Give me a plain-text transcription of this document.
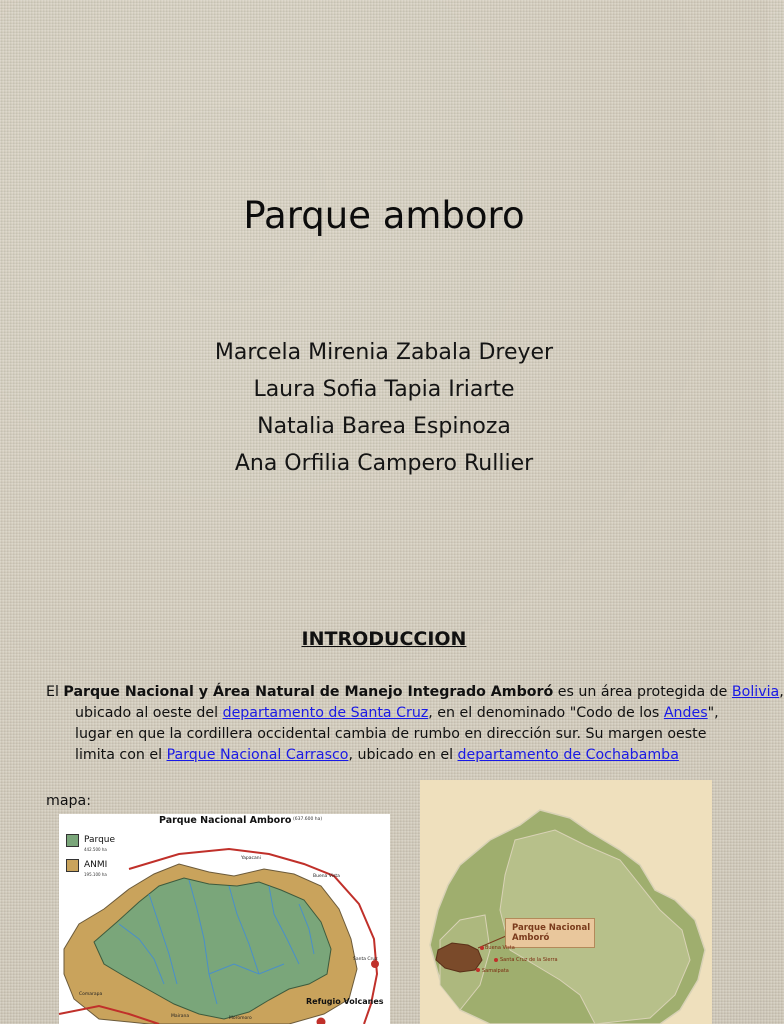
Parque amboro
Marcela Mirenia Zabala Dreyer
Laura Sofia Tapia Iriarte
Natalia Barea Espinoza
Ana Orfilia Campero Rullier
INTRODUCCION
El Parque Nacional y Área Natural de Manejo Integrado Amboró es un área protegida de Bolivia,
ubicado al oeste del departamento de Santa Cruz, en el denominado "Codo de los Andes",
lugar en que la cordillera occidental cambia de rumbo en dirección sur. Su margen oeste
limita con el Parque Nacional Carrasco, ubicado en el departamento de Cochabamba
mapa:
Parque Nacional Amboro (637.600 ha)
Parque
442.500 ha
ANMI
195.100 ha
Yapacani
Buena Vista
Santa Cruz
Comarapa
Mairana	Moromoro
Refugio Volcanes
Parque Nacional Amboró
Buena Vista
Santa Cruz de la Sierra
Samaipata
